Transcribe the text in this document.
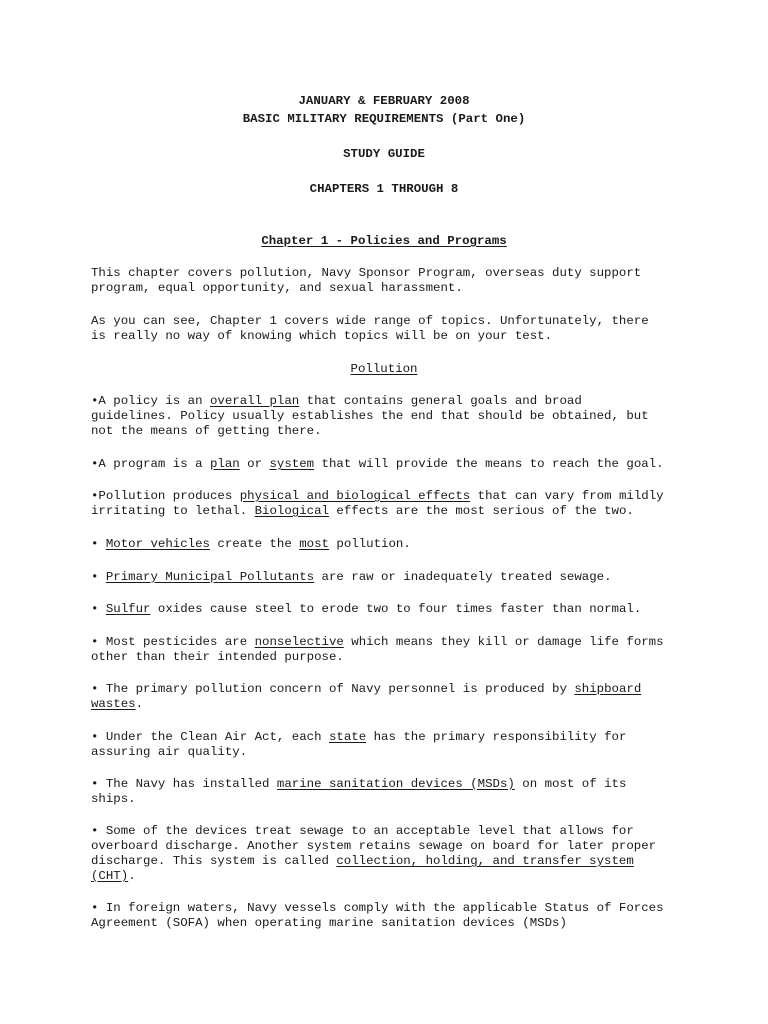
JANUARY & FEBRUARY 2008
BASIC MILITARY REQUIREMENTS (Part One)
STUDY GUIDE
CHAPTERS 1 THROUGH 8
Chapter 1 - Policies and Programs
This chapter covers pollution, Navy Sponsor Program, overseas duty support
program, equal opportunity, and sexual harassment.
As you can see, Chapter 1 covers wide range of topics. Unfortunately, there
is really no way of knowing which topics will be on your test.
Pollution
•A policy is an overall plan that contains general goals and broad
guidelines. Policy usually establishes the end that should be obtained, but
not the means of getting there.
•A program is a plan or system that will provide the means to reach the goal.
•Pollution produces physical and biological effects that can vary from mildly
irritating to lethal. Biological effects are the most serious of the two.
• Motor vehicles create the most pollution.
• Primary Municipal Pollutants are raw or inadequately treated sewage.
• Sulfur oxides cause steel to erode two to four times faster than normal.
• Most pesticides are nonselective which means they kill or damage life forms
other than their intended purpose.
• The primary pollution concern of Navy personnel is produced by shipboard
wastes.
• Under the Clean Air Act, each state has the primary responsibility for
assuring air quality.
• The Navy has installed marine sanitation devices (MSDs) on most of its
ships.
• Some of the devices treat sewage to an acceptable level that allows for
overboard discharge. Another system retains sewage on board for later proper
discharge. This system is called collection, holding, and transfer system
(CHT).
• In foreign waters, Navy vessels comply with the applicable Status of Forces
Agreement (SOFA) when operating marine sanitation devices (MSDs)
